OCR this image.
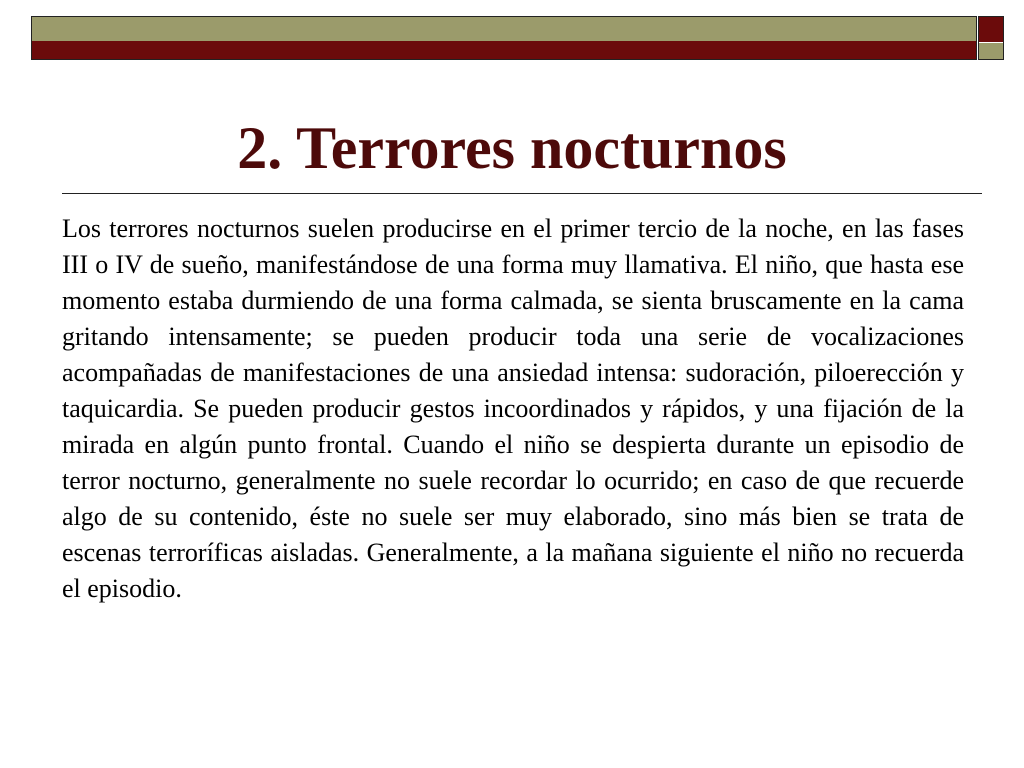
2. Terrores nocturnos

Los terrores nocturnos suelen producirse en el primer tercio de la noche, en las fases III o IV de sueño, manifestándose de una forma muy llamativa. El niño, que hasta ese momento estaba durmiendo de una forma calmada, se sienta bruscamente en la cama gritando intensamente; se pueden producir toda una serie de vocalizaciones acompañadas de manifestaciones de una ansiedad intensa: sudoración, piloerección y taquicardia. Se pueden producir gestos incoordinados y rápidos, y una fijación de la mirada en algún punto frontal. Cuando el niño se despierta durante un episodio de terror nocturno, generalmente no suele recordar lo ocurrido; en caso de que recuerde algo de su contenido, éste no suele ser muy elaborado, sino más bien se trata de escenas terroríficas aisladas. Generalmente, a la mañana siguiente el niño no recuerda el episodio.
